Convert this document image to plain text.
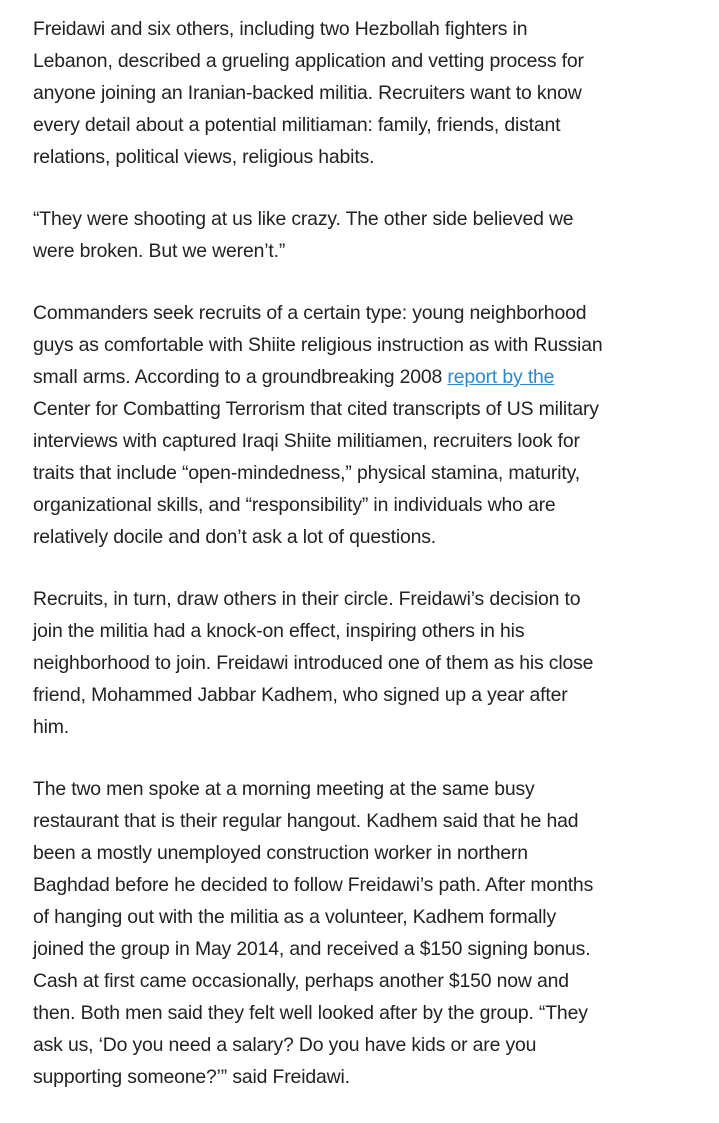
Freidawi and six others, including two Hezbollah fighters in
Lebanon, described a grueling application and vetting process for
anyone joining an Iranian-backed militia. Recruiters want to know
every detail about a potential militiaman: family, friends, distant
relations, political views, religious habits.

“They were shooting at us like crazy. The other side believed we
were broken. But we weren’t.”

Commanders seek recruits of a certain type: young neighborhood
guys as comfortable with Shiite religious instruction as with Russian
small arms. According to a groundbreaking 2008 report by the
Center for Combatting Terrorism that cited transcripts of US military
interviews with captured Iraqi Shiite militiamen, recruiters look for
traits that include “open-mindedness,” physical stamina, maturity,
organizational skills, and “responsibility” in individuals who are
relatively docile and don’t ask a lot of questions.

Recruits, in turn, draw others in their circle. Freidawi’s decision to
join the militia had a knock-on effect, inspiring others in his
neighborhood to join. Freidawi introduced one of them as his close
friend, Mohammed Jabbar Kadhem, who signed up a year after
him.

The two men spoke at a morning meeting at the same busy
restaurant that is their regular hangout. Kadhem said that he had
been a mostly unemployed construction worker in northern
Baghdad before he decided to follow Freidawi’s path. After months
of hanging out with the militia as a volunteer, Kadhem formally
joined the group in May 2014, and received a $150 signing bonus.
Cash at first came occasionally, perhaps another $150 now and
then. Both men said they felt well looked after by the group. “They
ask us, ‘Do you need a salary? Do you have kids or are you
supporting someone?’” said Freidawi.
